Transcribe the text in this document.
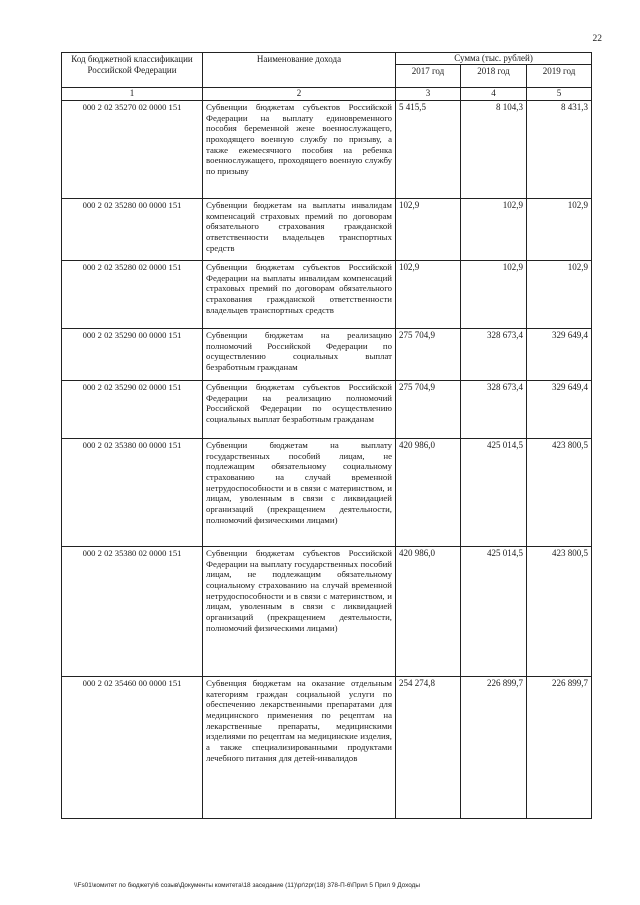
22
Код бюджетной классификации Российской Федерации	Наименование дохода	Сумма (тыс. рублей)		
		2017 год	2018 год	2019 год
1	2	3	4	5
000 2 02 35270 02 0000 151	Субвенции бюджетам субъектов Российской Федерации на выплату единовременного пособия беременной жене военнослужащего, проходящего военную службу по призыву, а также ежемесячного пособия на ребенка военнослужащего, проходящего военную службу по призыву	5 415,5	8 104,3	8 431,3
000 2 02 35280 00 0000 151	Субвенции бюджетам на выплаты инвалидам компенсаций страховых премий по договорам обязательного страхования гражданской ответственности владельцев транспортных средств	102,9	102,9	102,9
000 2 02 35280 02 0000 151	Субвенции бюджетам субъектов Российской Федерации на выплаты инвалидам компенсаций страховых премий по договорам обязательного страхования гражданской ответственности владельцев транспортных средств	102,9	102,9	102,9
000 2 02 35290 00 0000 151	Субвенции бюджетам на реализацию полномочий Российской Федерации по осуществлению социальных выплат безработным гражданам	275 704,9	328 673,4	329 649,4
000 2 02 35290 02 0000 151	Субвенции бюджетам субъектов Российской Федерации на реализацию полномочий Российской Федерации по осуществлению социальных выплат безработным гражданам	275 704,9	328 673,4	329 649,4
000 2 02 35380 00 0000 151	Субвенции бюджетам на выплату государственных пособий лицам, не подлежащим обязательному социальному страхованию на случай временной нетрудоспособности и в связи с материнством, и лицам, уволенным в связи с ликвидацией организаций (прекращением деятельности, полномочий физическими лицами)	420 986,0	425 014,5	423 800,5
000 2 02 35380 02 0000 151	Субвенции бюджетам субъектов Российской Федерации на выплату государственных пособий лицам, не подлежащим обязательному социальному страхованию на случай временной нетрудоспособности и в связи с материнством, и лицам, уволенным в связи с ликвидацией организаций (прекращением деятельности, полномочий физическими лицами)	420 986,0	425 014,5	423 800,5
000 2 02 35460 00 0000 151	Субвенция бюджетам на оказание отдельным категориям граждан социальной услуги по обеспечению лекарственными препаратами для медицинского применения по рецептам на лекарственные препараты, медицинскими изделиями по рецептам на медицинские изделия, а также специализированными продуктами лечебного питания для детей-инвалидов	254 274,8	226 899,7	226 899,7
\\Fs01\комитет по бюджету\6 созыв\Документы комитета\18 заседание (11)\pr\zpr(18) 378-П-6\Прил 5 Прил 9 Доходы
